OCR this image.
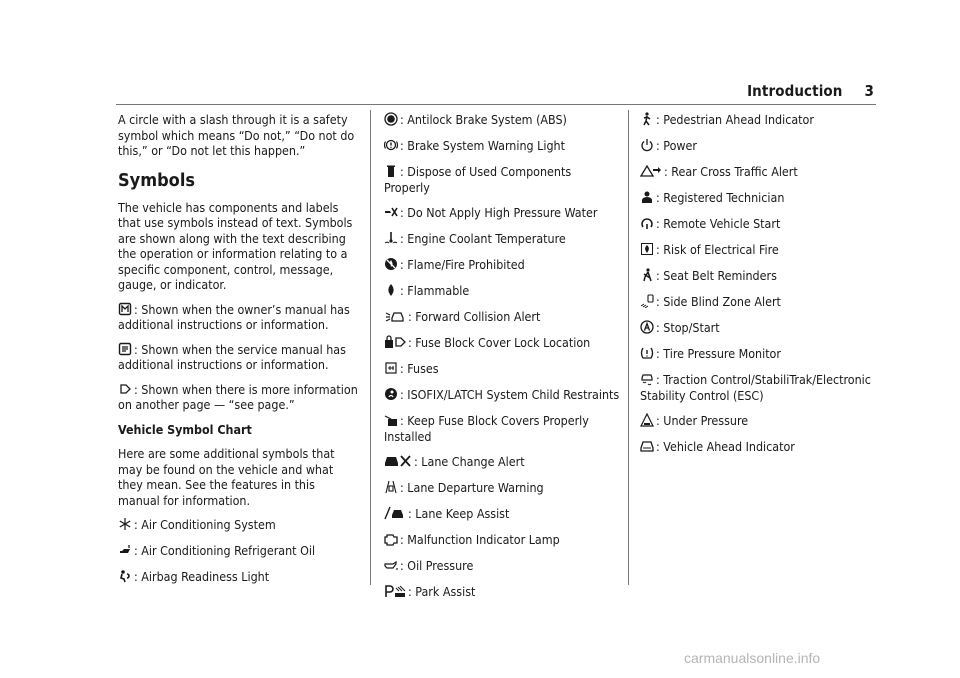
Introduction 3

A circle with a slash through it is a safety symbol which means “Do not,” “Do not do this,” or “Do not let this happen.”

Symbols

The vehicle has components and labels that use symbols instead of text. Symbols are shown along with the text describing the operation or information relating to a specific component, control, message, gauge, or indicator.

: Shown when the owner’s manual has additional instructions or information.

: Shown when the service manual has additional instructions or information.

: Shown when there is more information on another page — “see page.”

Vehicle Symbol Chart

Here are some additional symbols that may be found on the vehicle and what they mean. See the features in this manual for information.

: Air Conditioning System
: Air Conditioning Refrigerant Oil
: Airbag Readiness Light
: Antilock Brake System (ABS)
: Brake System Warning Light
: Dispose of Used Components Properly
: Do Not Apply High Pressure Water
: Engine Coolant Temperature
: Flame/Fire Prohibited
: Flammable
: Forward Collision Alert
: Fuse Block Cover Lock Location
: Fuses
: ISOFIX/LATCH System Child Restraints
: Keep Fuse Block Covers Properly Installed
: Lane Change Alert
: Lane Departure Warning
: Lane Keep Assist
: Malfunction Indicator Lamp
: Oil Pressure
: Park Assist
: Pedestrian Ahead Indicator
: Power
: Rear Cross Traffic Alert
: Registered Technician
: Remote Vehicle Start
: Risk of Electrical Fire
: Seat Belt Reminders
: Side Blind Zone Alert
: Stop/Start
: Tire Pressure Monitor
: Traction Control/StabiliTrak/Electronic Stability Control (ESC)
: Under Pressure
: Vehicle Ahead Indicator
carmanualsonline.info
